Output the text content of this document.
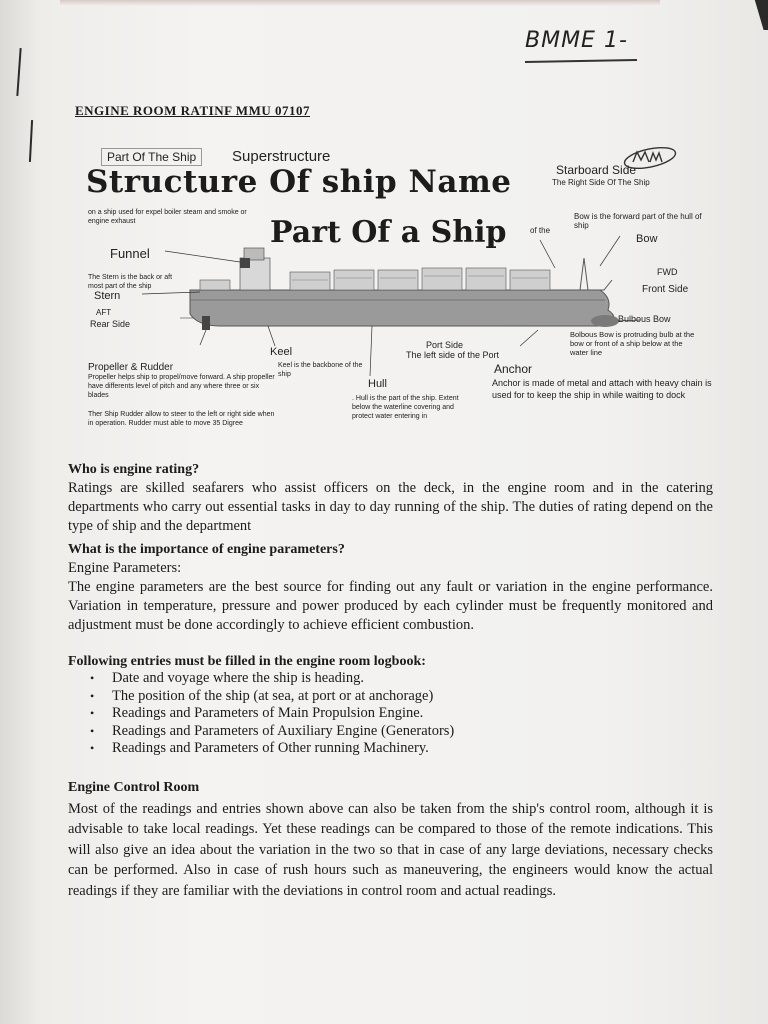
BMME 1-
ENGINE ROOM RATINF MMU 07107
Part Of The Ship	Superstructure
Structure Of ship Name	Starboard Side
The Right Side Of The Ship
on a ship used for expel boiler steam and smoke or engine exhaust	Part Of a Ship	of the
Bow is the forward part of the hull of ship
Bow
Funnel
FWD
Front Side
The Stern is the back or aft most part of the ship
Stern
AFT
Rear Side	Bulbous Bow
Bolbous Bow is protruding bulb at the bow or front of a ship below at the water line
Port Side
The left side of the Port
Keel
Keel is the backbone of the ship
Propeller & Rudder
Propeller helps ship to propel/move forward. A ship propeller have differents level of pitch and any where three or six blades
Anchor
Anchor is made of metal and attach with heavy chain is used for to keep the ship in while waiting to dock
Hull
. Hull is the part of the ship. Extent below the waterline covering and protect water entering in
Ther Ship Rudder allow to steer to the left or right side when in operation. Rudder must able to move 35 Digree
Who is engine rating?
Ratings are skilled seafarers who assist officers on the deck, in the engine room and in the catering departments who carry out essential tasks in day to day running of the ship. The duties of rating depend on the type of ship and the department
What is the importance of engine parameters?
Engine Parameters:
The engine parameters are the best source for finding out any fault or variation in the engine performance. Variation in temperature, pressure and power produced by each cylinder must be frequently monitored and adjustment must be done accordingly to achieve efficient combustion.
Following entries must be filled in the engine room logbook:
•	Date and voyage where the ship is heading.
•	The position of the ship (at sea, at port or at anchorage)
•	Readings and Parameters of Main Propulsion Engine.
•	Readings and Parameters of Auxiliary Engine (Generators)
•	Readings and Parameters of Other running Machinery.
Engine Control Room
Most of the readings and entries shown above can also be taken from the ship's control room, although it is advisable to take local readings. Yet these readings can be compared to those of the remote indications. This will also give an idea about the variation in the two so that in case of any large deviations, necessary checks can be performed. Also in case of rush hours such as maneuvering, the engineers would know the actual readings if they are familiar with the deviations in control room and actual readings.
